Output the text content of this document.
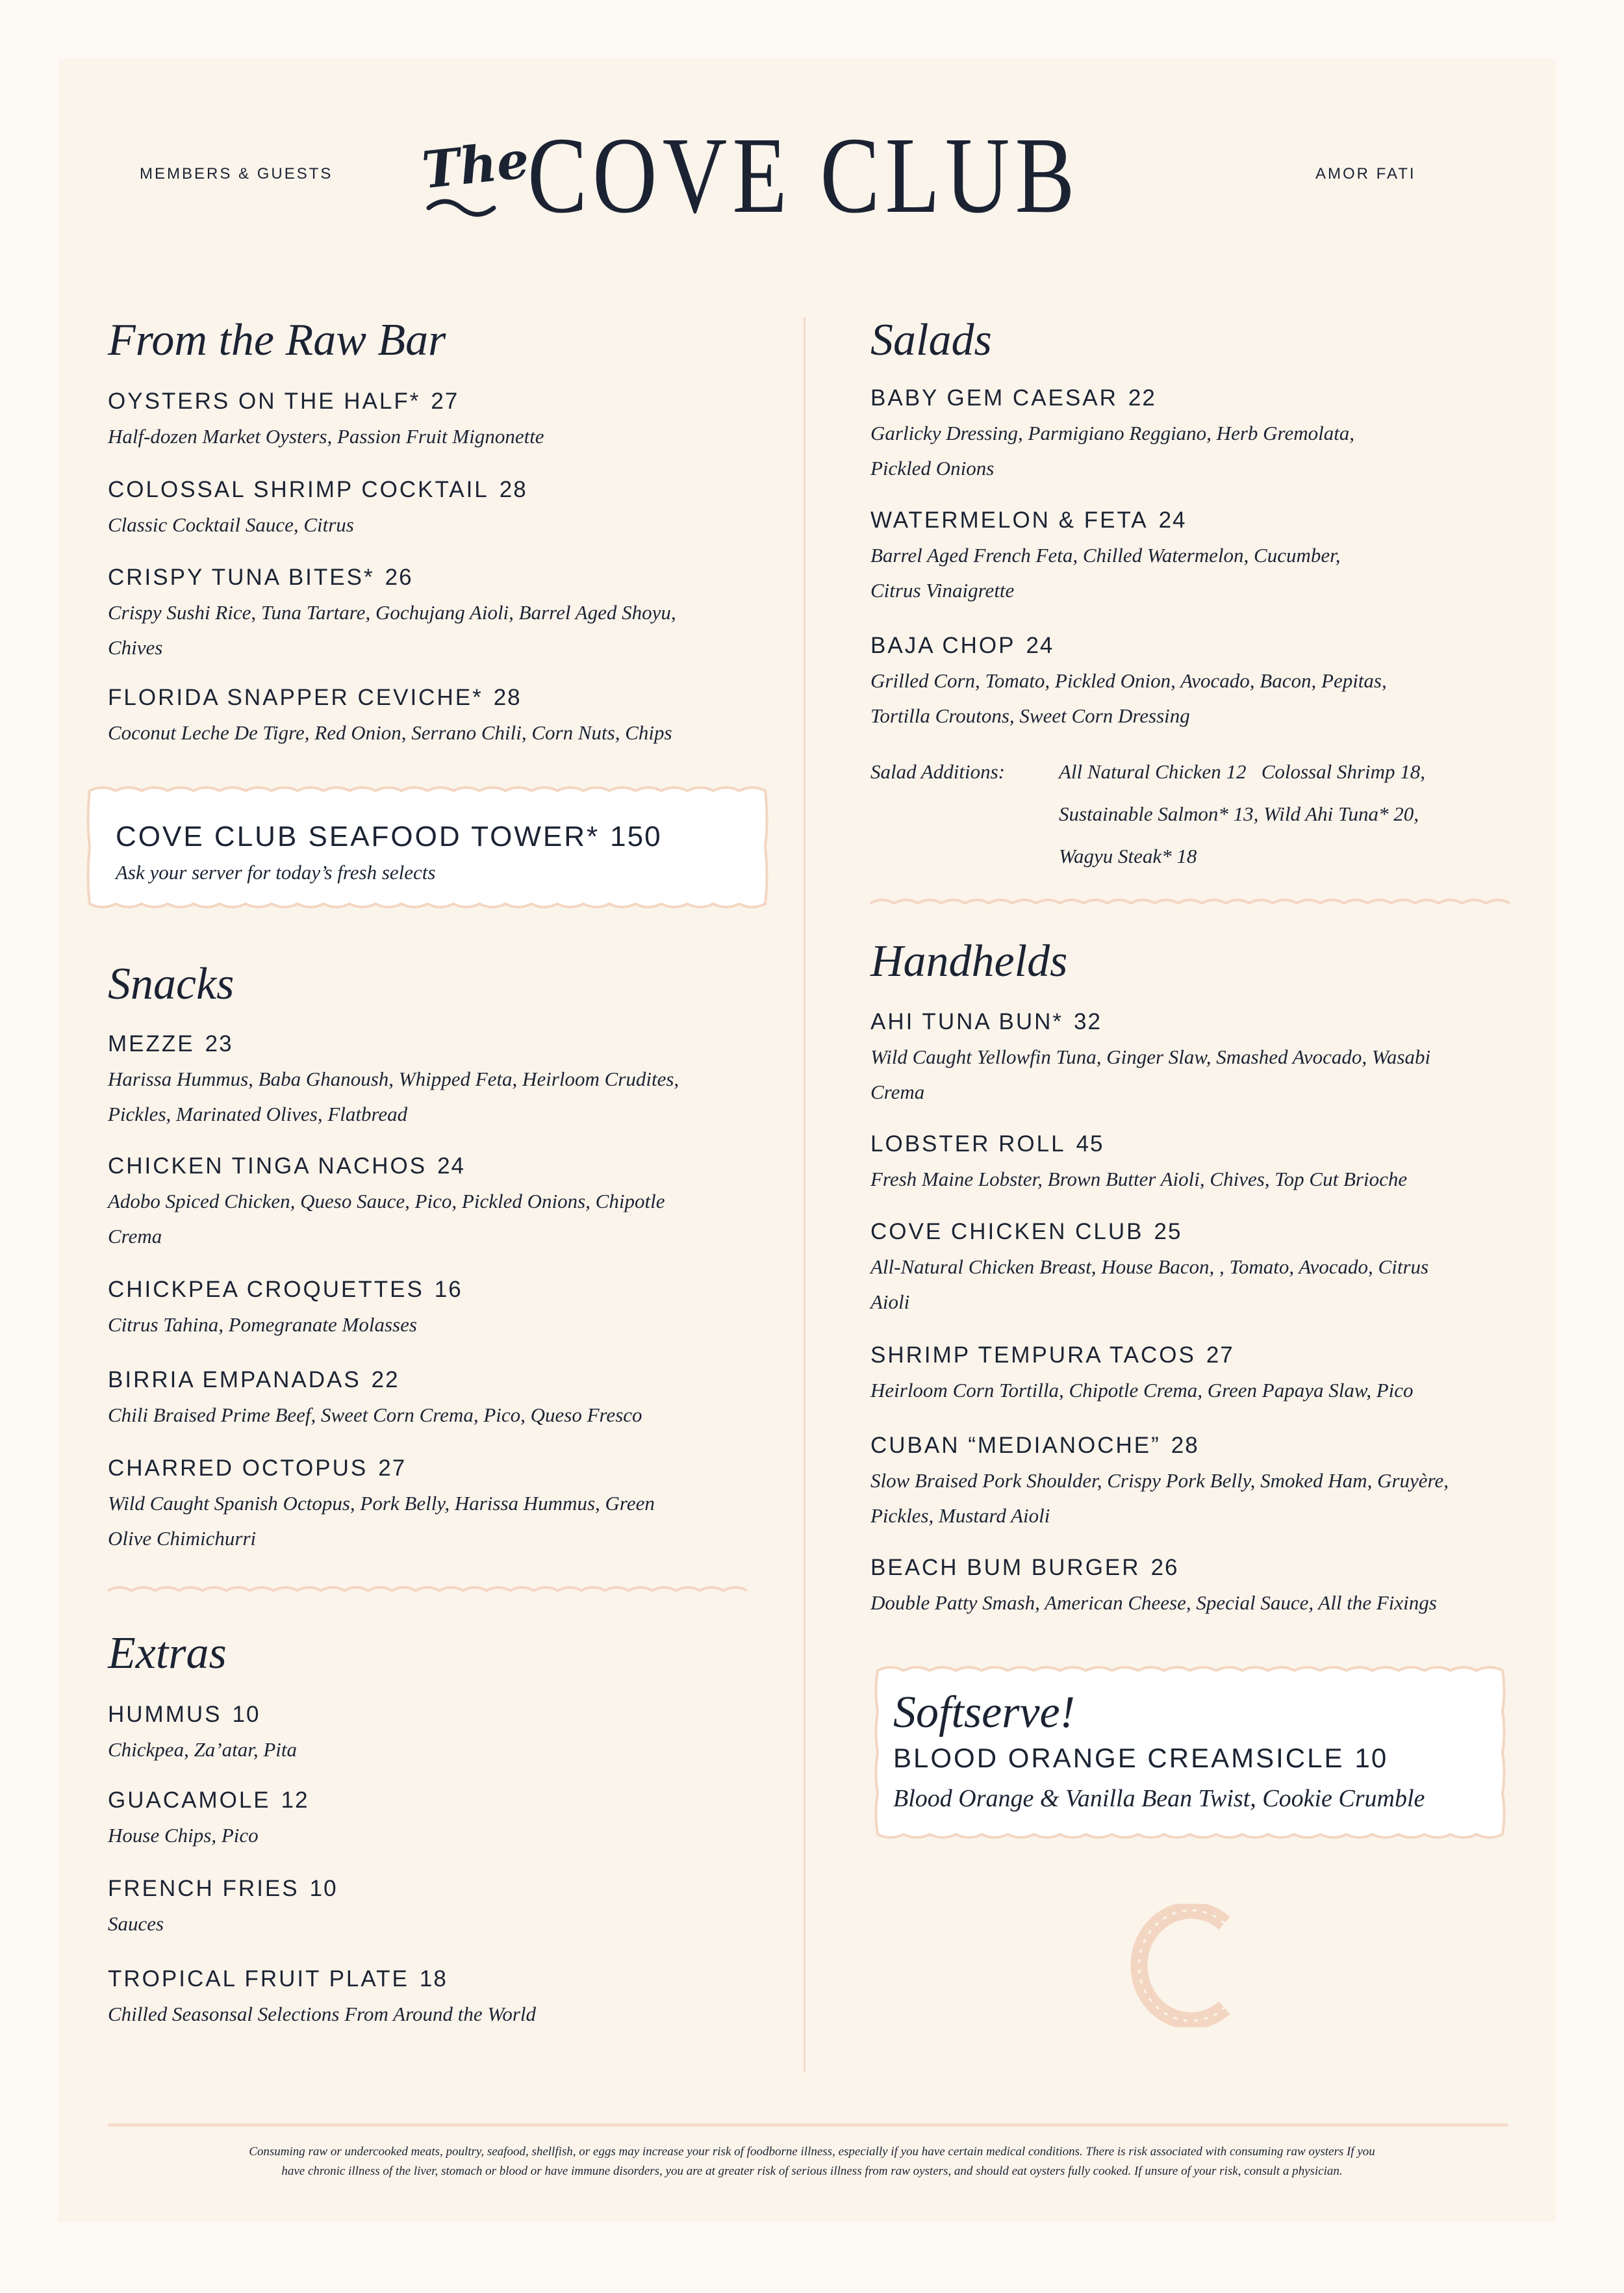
MEMBERS & GUESTS The
COVE CLUB	AMOR FATI
From the Raw Bar
OYSTERS ON THE HALF* 27
Half-dozen Market Oysters, Passion Fruit Mignonette
COLOSSAL SHRIMP COCKTAIL 28
Classic Cocktail Sauce, Citrus
CRISPY TUNA BITES* 26
Crispy Sushi Rice, Tuna Tartare, Gochujang Aioli, Barrel Aged Shoyu,
Chives
FLORIDA SNAPPER CEVICHE* 28
Coconut Leche De Tigre, Red Onion, Serrano Chili, Corn Nuts, Chips
Snacks
MEZZE 23
Harissa Hummus, Baba Ghanoush, Whipped Feta, Heirloom Crudites,
Pickles, Marinated Olives, Flatbread
CHICKEN TINGA NACHOS 24
Adobo Spiced Chicken, Queso Sauce, Pico, Pickled Onions, Chipotle
Crema
CHICKPEA CROQUETTES 16
Citrus Tahina, Pomegranate Molasses
BIRRIA EMPANADAS 22
Chili Braised Prime Beef, Sweet Corn Crema, Pico, Queso Fresco
CHARRED OCTOPUS 27
Wild Caught Spanish Octopus, Pork Belly, Harissa Hummus, Green
Olive Chimichurri
Extras
HUMMUS 10
Chickpea, Za’atar, Pita
GUACAMOLE 12
House Chips, Pico
FRENCH FRIES 10
Sauces
TROPICAL FRUIT PLATE 18
Chilled Seasonsal Selections From Around the World
Salads
BABY GEM CAESAR 22
Garlicky Dressing, Parmigiano Reggiano, Herb Gremolata,
Pickled Onions
WATERMELON & FETA 24
Barrel Aged French Feta, Chilled Watermelon, Cucumber,
Citrus Vinaigrette
BAJA CHOP 24
Grilled Corn, Tomato, Pickled Onion, Avocado, Bacon, Pepitas,
Tortilla Croutons, Sweet Corn Dressing
Handhelds
AHI TUNA BUN* 32
Wild Caught Yellowfin Tuna, Ginger Slaw, Smashed Avocado, Wasabi
Crema
LOBSTER ROLL 45
Fresh Maine Lobster, Brown Butter Aioli, Chives, Top Cut Brioche
COVE CHICKEN CLUB 25
All-Natural Chicken Breast, House Bacon, , Tomato, Avocado, Citrus
Aioli
SHRIMP TEMPURA TACOS 27
Heirloom Corn Tortilla, Chipotle Crema, Green Papaya Slaw, Pico
CUBAN “MEDIANOCHE” 28
Slow Braised Pork Shoulder, Crispy Pork Belly, Smoked Ham, Gruyère,
Pickles, Mustard Aioli
BEACH BUM BURGER 26
Double Patty Smash, American Cheese, Special Sauce, All the Fixings
Salad Additions:	All Natural Chicken 12   Colossal Shrimp 18,
Sustainable Salmon* 13, Wild Ahi Tuna* 20,
Wagyu Steak* 18
COVE CLUB SEAFOOD TOWER* 150
Ask your server for today’s fresh selects
Softserve!
BLOOD ORANGE CREAMSICLE 10
Blood Orange & Vanilla Bean Twist, Cookie Crumble
Consuming raw or undercooked meats, poultry, seafood, shellfish, or eggs may increase your risk of foodborne illness, especially if you have certain medical conditions. There is risk associated with consuming raw oysters If you
have chronic illness of the liver, stomach or blood or have immune disorders, you are at greater risk of serious illness from raw oysters, and should eat oysters fully cooked. If unsure of your risk, consult a physician.
